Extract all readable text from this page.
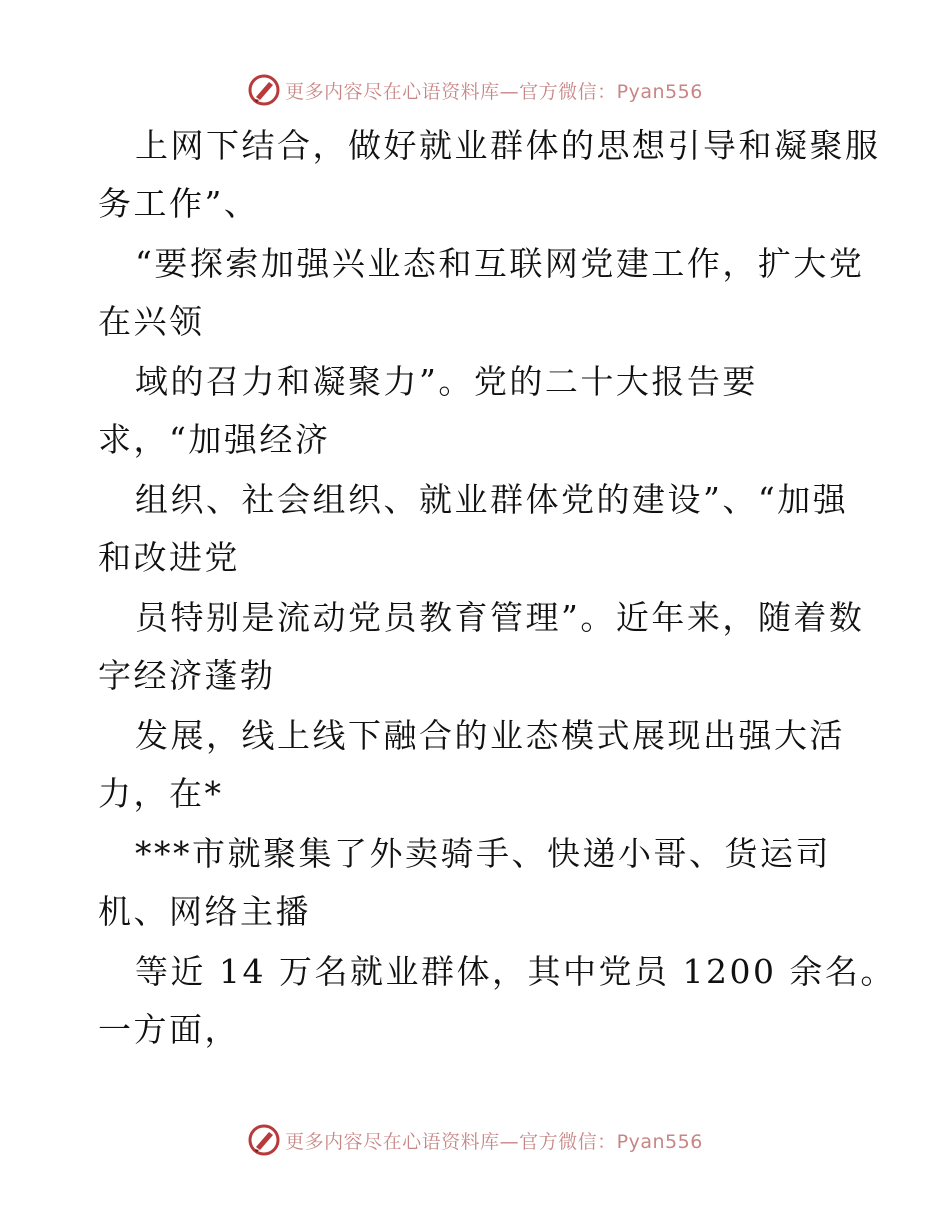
更多内容尽在心语资料库—官方微信：Pyan556
上网下结合，做好就业群体的思想引导和凝聚服
务工作”、
“要探索加强兴业态和互联网党建工作，扩大党
在兴领
域的召力和凝聚力”。党的二十大报告要
求，“加强经济
组织、社会组织、就业群体党的建设”、“加强
和改进党
员特别是流动党员教育管理”。近年来，随着数
字经济蓬勃
发展，线上线下融合的业态模式展现出强大活
力，在*
***市就聚集了外卖骑手、快递小哥、货运司
机、网络主播
等近 14 万名就业群体，其中党员 1200 余名。
一方面，
更多内容尽在心语资料库—官方微信：Pyan556
